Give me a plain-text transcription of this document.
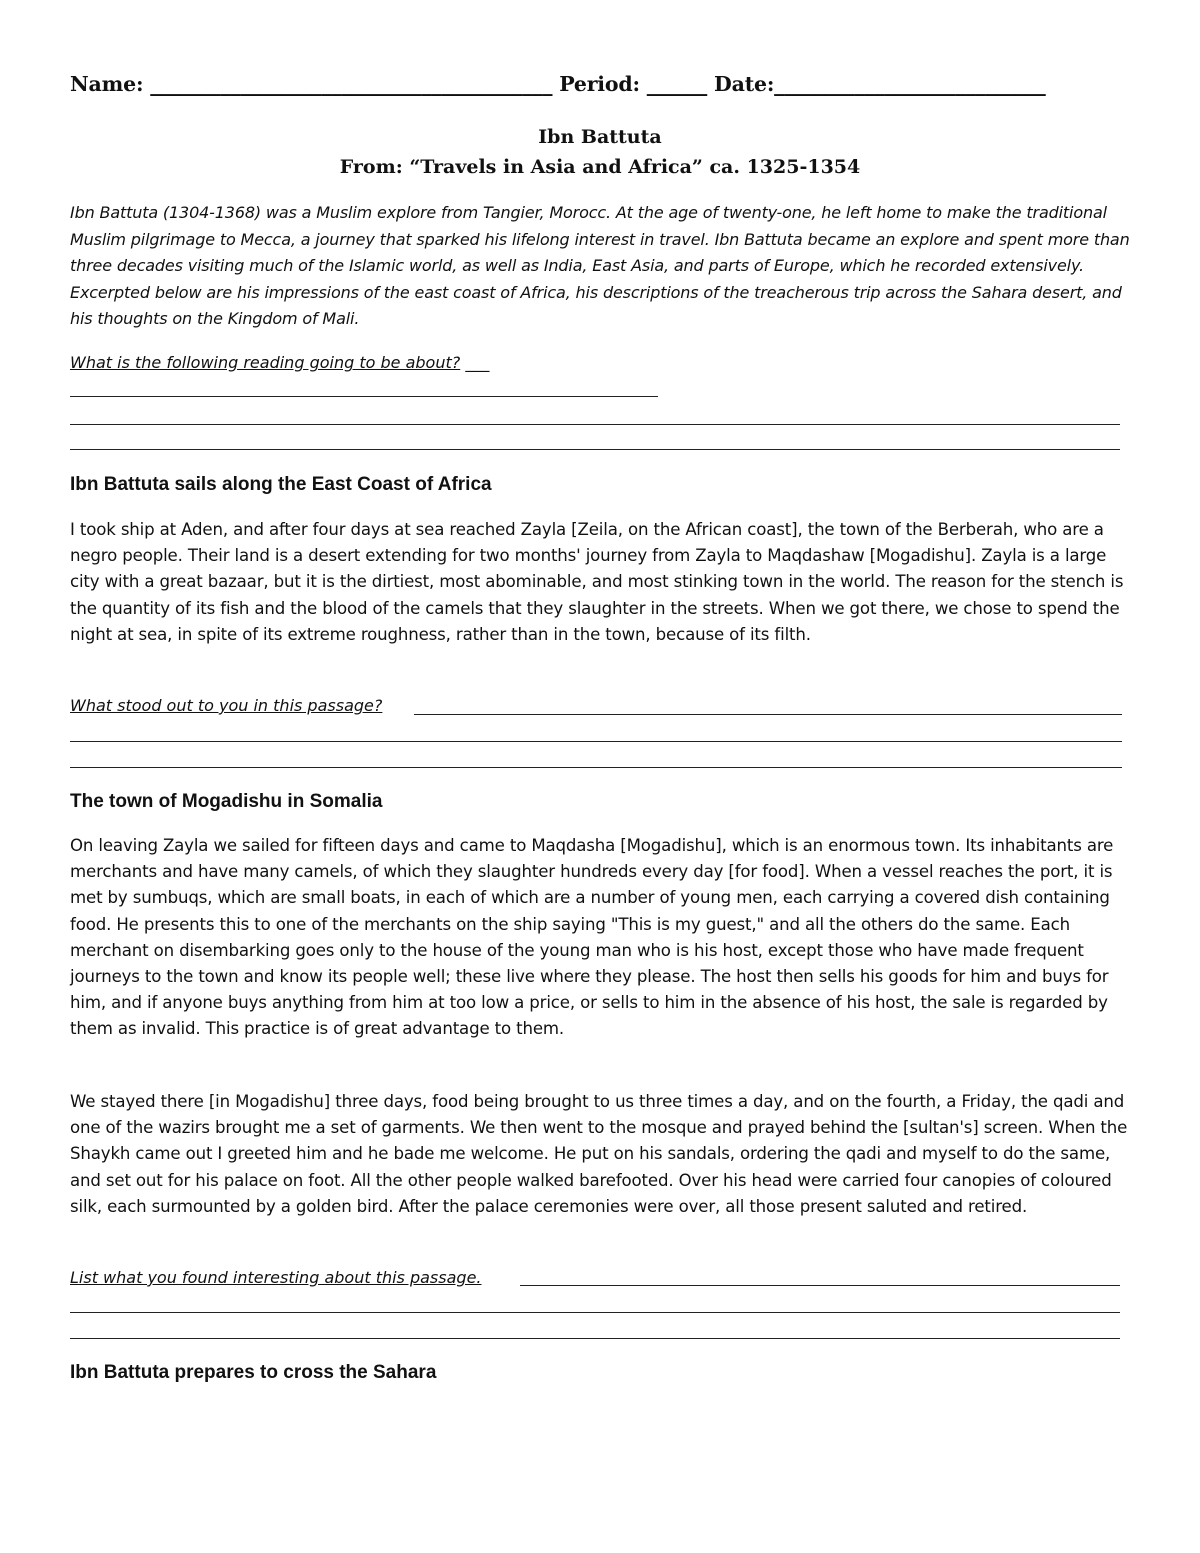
Name: ________________________________________ Period: ______ Date:___________________________
Ibn Battuta
From: “Travels in Asia and Africa” ca. 1325-1354
Ibn Battuta (1304-1368) was a Muslim explore from Tangier, Morocc. At the age of twenty-one, he left home to make the traditional Muslim pilgrimage to Mecca, a journey that sparked his lifelong interest in travel. Ibn Battuta became an explore and spent more than three decades visiting much of the Islamic world, as well as India, East Asia, and parts of Europe, which he recorded extensively. Excerpted below are his impressions of the east coast of Africa, his descriptions of the treacherous trip across the Sahara desert, and his thoughts on the Kingdom of Mali.
What is the following reading going to be about? ___
Ibn Battuta sails along the East Coast of Africa
I took ship at Aden, and after four days at sea reached Zayla [Zeila, on the African coast], the town of the Berberah, who are a negro people. Their land is a desert extending for two months' journey from Zayla to Maqdashaw [Mogadishu]. Zayla is a large city with a great bazaar, but it is the dirtiest, most abominable, and most stinking town in the world. The reason for the stench is the quantity of its fish and the blood of the camels that they slaughter in the streets. When we got there, we chose to spend the night at sea, in spite of its extreme roughness, rather than in the town, because of its filth.
What stood out to you in this passage?
The town of Mogadishu in Somalia
On leaving Zayla we sailed for fifteen days and came to Maqdasha [Mogadishu], which is an enormous town. Its inhabitants are merchants and have many camels, of which they slaughter hundreds every day [for food]. When a vessel reaches the port, it is met by sumbuqs, which are small boats, in each of which are a number of young men, each carrying a covered dish containing food. He presents this to one of the merchants on the ship saying "This is my guest," and all the others do the same. Each merchant on disembarking goes only to the house of the young man who is his host, except those who have made frequent journeys to the town and know its people well; these live where they please. The host then sells his goods for him and buys for him, and if anyone buys anything from him at too low a price, or sells to him in the absence of his host, the sale is regarded by them as invalid. This practice is of great advantage to them.
We stayed there [in Mogadishu] three days, food being brought to us three times a day, and on the fourth, a Friday, the qadi and one of the wazirs brought me a set of garments. We then went to the mosque and prayed behind the [sultan's] screen. When the Shaykh came out I greeted him and he bade me welcome. He put on his sandals, ordering the qadi and myself to do the same, and set out for his palace on foot. All the other people walked barefooted. Over his head were carried four canopies of coloured silk, each surmounted by a golden bird. After the palace ceremonies were over, all those present saluted and retired.
List what you found interesting about this passage.
Ibn Battuta prepares to cross the Sahara
